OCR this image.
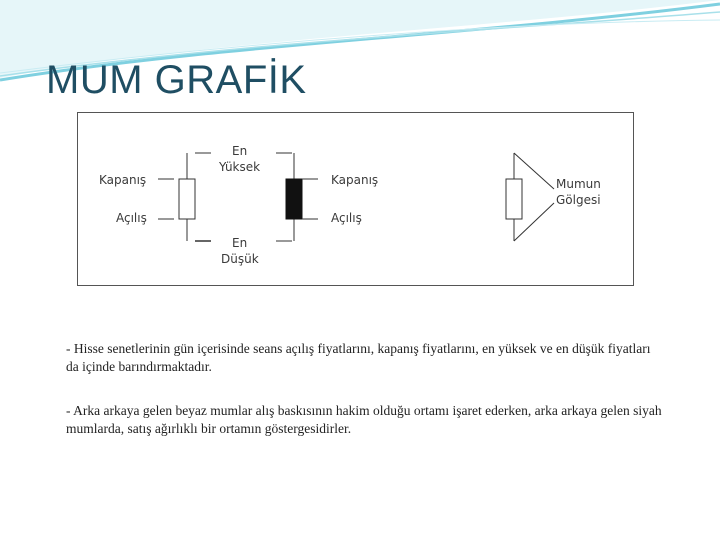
MUM GRAFİK
Kapanış
Açılış
En
Yüksek
En
Düşük
Kapanış
Açılış
Mumun
Gölgesi

- Hisse senetlerinin gün içerisinde seans açılış fiyatlarını, kapanış fiyatlarını, en yüksek ve en düşük fiyatları da içinde barındırmaktadır.

- Arka arkaya gelen beyaz mumlar alış baskısının hakim olduğu ortamı işaret ederken, arka arkaya gelen siyah mumlarda, satış ağırlıklı bir ortamın göstergesidirler.
